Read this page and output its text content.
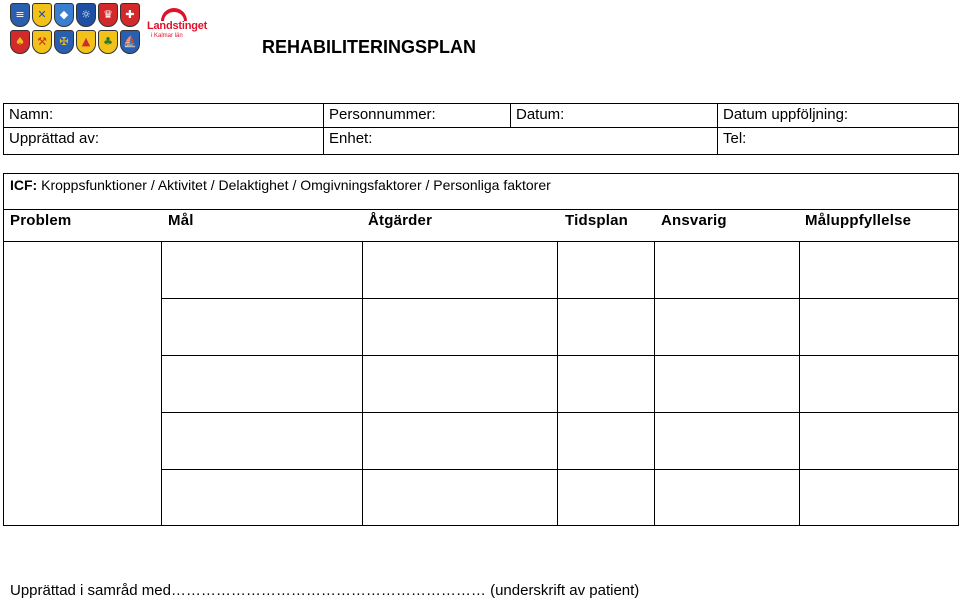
≡	✕	◆	☼	♛	✚
♠	⚒	✠	▲	♣ ⛵
Landstinget
i Kalmar län
REHABILITERINGSPLAN
Namn:	Personnummer:	Datum:	Datum uppföljning:
Upprättad av:	Enhet:	Tel:
ICF: Kroppsfunktioner / Aktivitet / Delaktighet / Omgivningsfaktorer / Personliga faktorer
Problem	Mål	Åtgärder	Tidsplan	Ansvarig	Måluppfyllelse
Upprättad i samråd med……………………………………………………… (underskrift av patient)
